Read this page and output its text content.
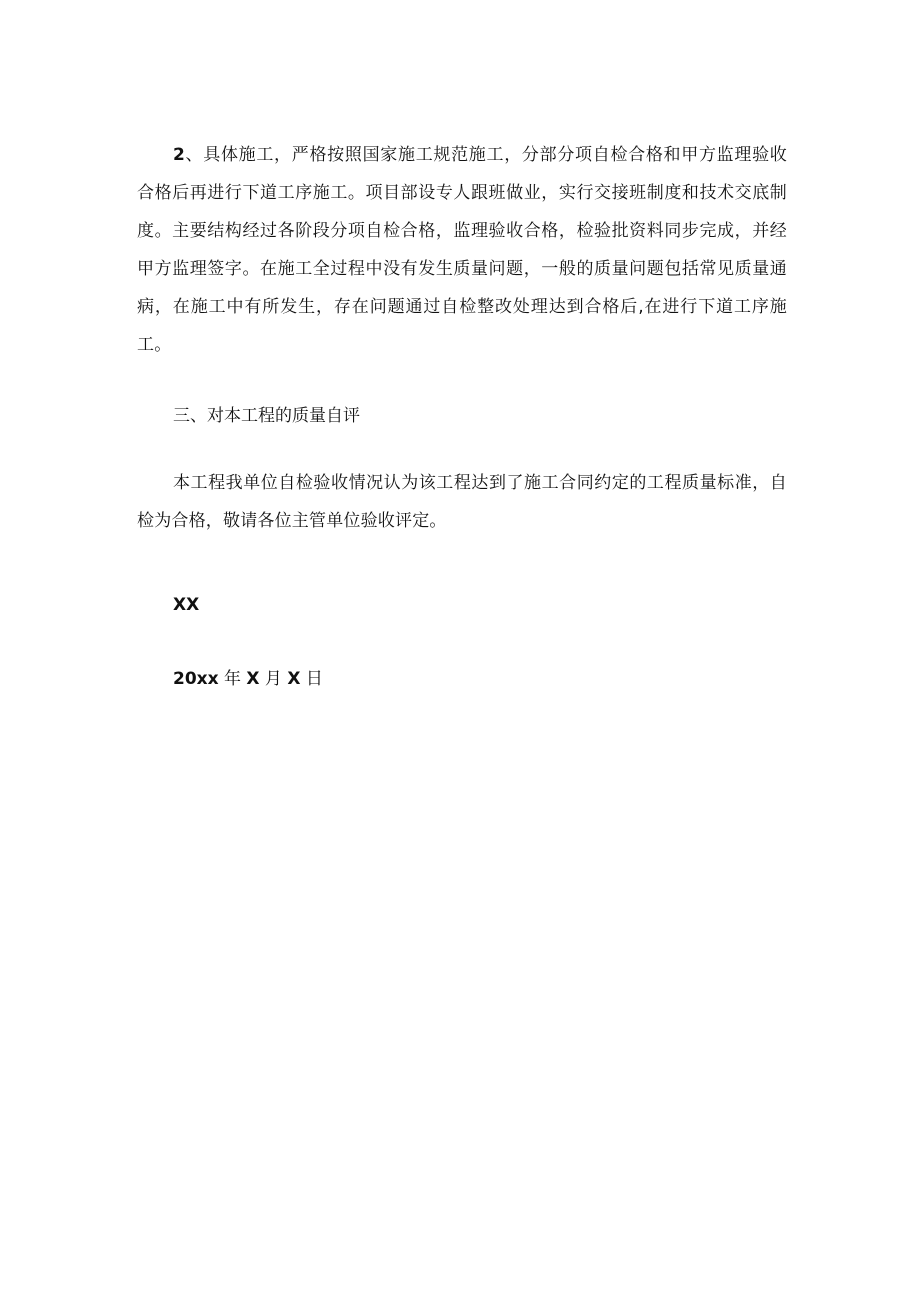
2、具体施工，严格按照国家施工规范施工，分部分项自检合格和甲方监理验收合格后再进行下道工序施工。项目部设专人跟班做业，实行交接班制度和技术交底制度。主要结构经过各阶段分项自检合格，监理验收合格，检验批资料同步完成，并经甲方监理签字。在施工全过程中没有发生质量问题，一般的质量问题包括常见质量通病，在施工中有所发生，存在问题通过自检整改处理达到合格后,在进行下道工序施工。

三、对本工程的质量自评

本工程我单位自检验收情况认为该工程达到了施工合同约定的工程质量标准，自检为合格，敬请各位主管单位验收评定。

XX

20xx 年 X 月 X 日
